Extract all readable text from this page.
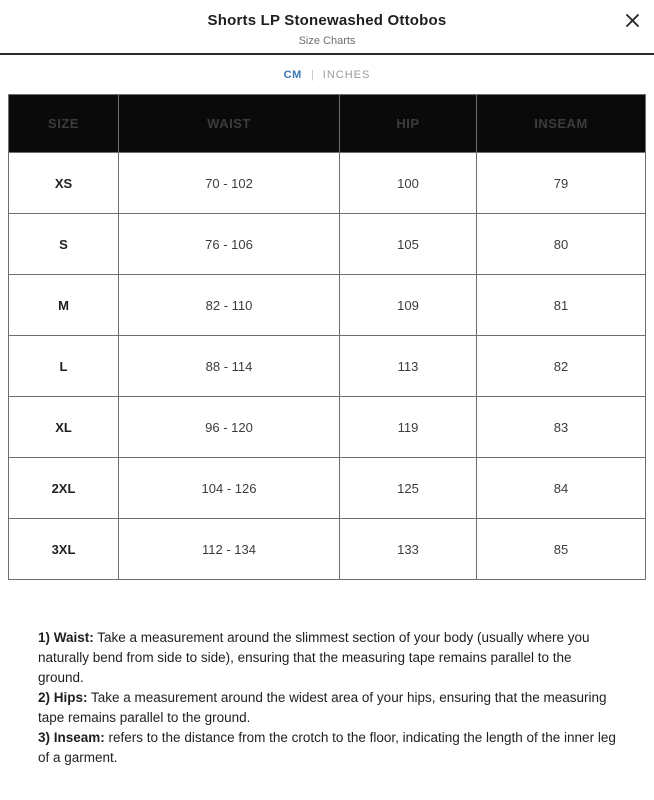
Shorts LP Stonewashed Ottobos
Size Charts
CM | INCHES
SIZE	WAIST	HIP	INSEAM
XS	70 - 102	100	79
S	76 - 106	105	80
M	82 - 110	109	81
L	88 - 114	113	82
XL	96 - 120	119	83
2XL	104 - 126	125	84
3XL	112 - 134	133	85

1) Waist: Take a measurement around the slimmest section of your body (usually where you naturally bend from side to side), ensuring that the measuring tape remains parallel to the ground.

2) Hips: Take a measurement around the widest area of your hips, ensuring that the measuring tape remains parallel to the ground.

3) Inseam: refers to the distance from the crotch to the floor, indicating the length of the inner leg of a garment.
